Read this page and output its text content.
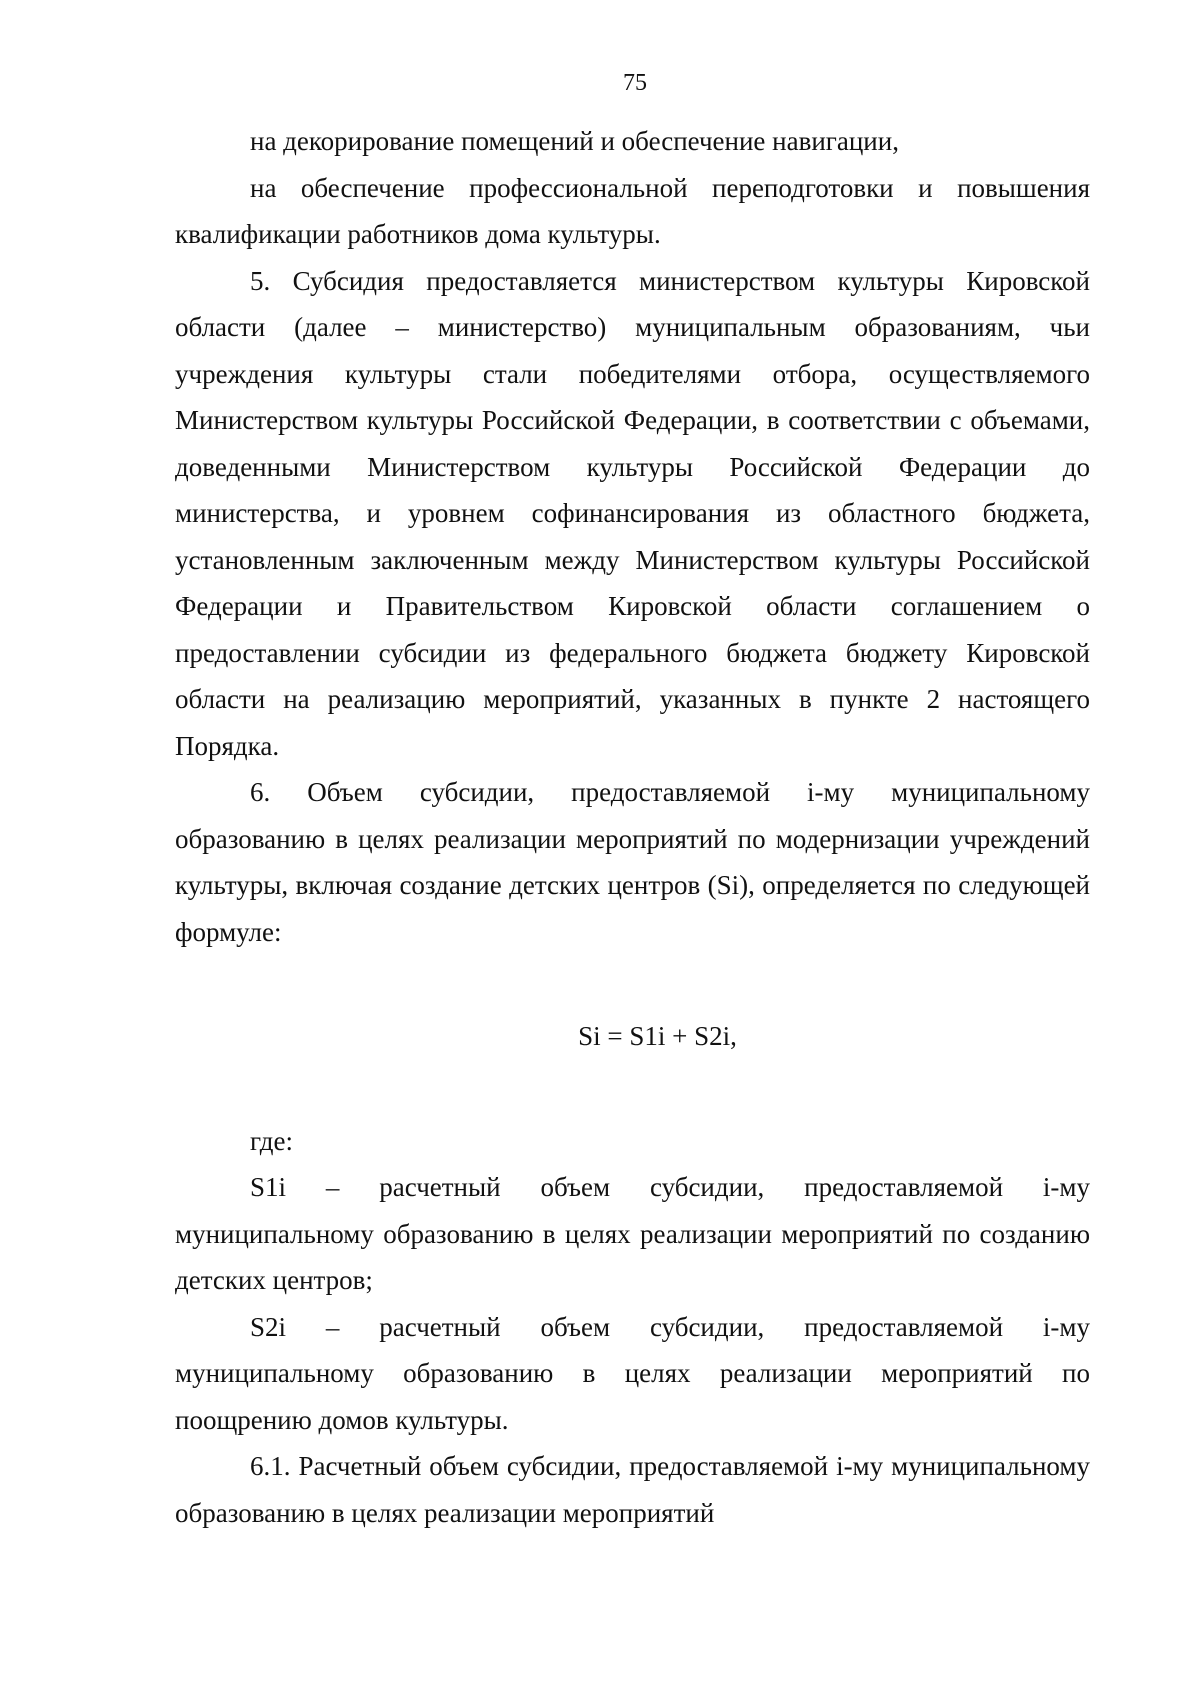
75

на декорирование помещений и обеспечение навигации,

на обеспечение профессиональной переподготовки и повышения квалификации работников дома культуры.

5. Субсидия предоставляется министерством культуры Кировской области (далее – министерство) муниципальным образованиям, чьи учреждения культуры стали победителями отбора, осуществляемого Министерством культуры Российской Федерации, в соответствии с объемами, доведенными Министерством культуры Российской Федерации до министерства, и уровнем софинансирования из областного бюджета, установленным заключенным между Министерством культуры Российской Федерации и Правительством Кировской области соглашением о предоставлении субсидии из федерального бюджета бюджету Кировской области на реализацию мероприятий, указанных в пункте 2 настоящего Порядка.

6. Объем субсидии, предоставляемой i-му муниципальному образованию в целях реализации мероприятий по модернизации учреждений культуры, включая создание детских центров (Si), определяется по следующей формуле:

Si = S1i + S2i,

где:

S1i – расчетный объем субсидии, предоставляемой i-му муниципальному образованию в целях реализации мероприятий по созданию детских центров;

S2i – расчетный объем субсидии, предоставляемой i-му муниципальному образованию в целях реализации мероприятий по поощрению домов культуры.

6.1. Расчетный объем субсидии, предоставляемой i-му муниципальному образованию в целях реализации мероприятий
